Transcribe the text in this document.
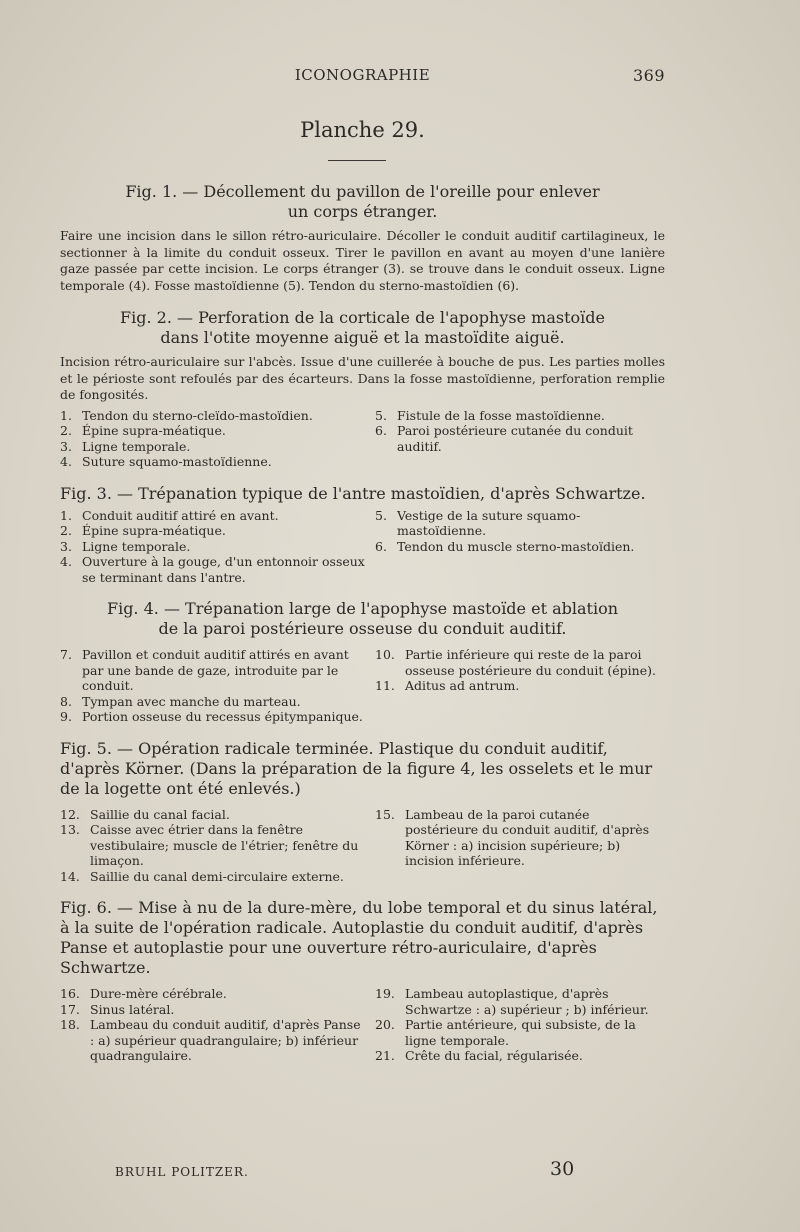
ICONOGRAPHIE	369
Planche 29.

Fig. 1. — Décollement du pavillon de l'oreille pour enlever
un corps étranger.

Faire une incision dans le sillon rétro-auriculaire. Décoller le conduit auditif cartilagineux, le sectionner à la limite du conduit osseux. Tirer le pavillon en avant au moyen d'une lanière gaze passée par cette incision. Le corps étranger (3). se trouve dans le conduit osseux. Ligne temporale (4). Fosse mastoïdienne (5). Tendon du sterno-mastoïdien (6).

Fig. 2. — Perforation de la corticale de l'apophyse mastoïde
dans l'otite moyenne aiguë et la mastoïdite aiguë.

Incision rétro-auriculaire sur l'abcès. Issue d'une cuillerée à bouche de pus. Les parties molles et le périoste sont refoulés par des écarteurs. Dans la fosse mastoïdienne, perforation remplie de fongosités.

1. Tendon du sterno-cleïdo-mastoïdien.
2. Épine supra-méatique.
3. Ligne temporale.
4. Suture squamo-mastoïdienne.
5. Fistule de la fosse mastoïdienne.
6. Paroi postérieure cutanée du conduit auditif.

Fig. 3. — Trépanation typique de l'antre mastoïdien, d'après Schwartze.

1. Conduit auditif attiré en avant.
2. Épine supra-méatique.
3. Ligne temporale.
4. Ouverture à la gouge, d'un entonnoir osseux se terminant dans l'antre.
5. Vestige de la suture squamo-mastoïdienne.
6. Tendon du muscle sterno-mastoïdien.

Fig. 4. — Trépanation large de l'apophyse mastoïde et ablation
de la paroi postérieure osseuse du conduit auditif.

7. Pavillon et conduit auditif attirés en avant par une bande de gaze, introduite par le conduit.
8. Tympan avec manche du marteau.
9. Portion osseuse du recessus épitympanique.
10. Partie inférieure qui reste de la paroi osseuse postérieure du conduit (épine).
11. Aditus ad antrum.

Fig. 5. — Opération radicale terminée. Plastique du conduit auditif, d'après Körner. (Dans la préparation de la figure 4, les osselets et le mur de la logette ont été enlevés.)

12. Saillie du canal facial.
13. Caisse avec étrier dans la fenêtre vestibulaire; muscle de l'étrier; fenêtre du limaçon.
14. Saillie du canal demi-circulaire externe.
15. Lambeau de la paroi cutanée postérieure du conduit auditif, d'après Körner : a) incision supérieure; b) incision inférieure.

Fig. 6. — Mise à nu de la dure-mère, du lobe temporal et du sinus latéral, à la suite de l'opération radicale. Autoplastie du conduit auditif, d'après Panse et autoplastie pour une ouverture rétro-auriculaire, d'après Schwartze.

16. Dure-mère cérébrale.
17. Sinus latéral.
18. Lambeau du conduit auditif, d'après Panse : a) supérieur quadrangulaire; b) inférieur quadrangulaire.
19. Lambeau autoplastique, d'après Schwartze : a) supérieur ; b) inférieur.
20. Partie antérieure, qui subsiste, de la ligne temporale.
21. Crête du facial, régularisée.
BRUHL POLITZER.	30
